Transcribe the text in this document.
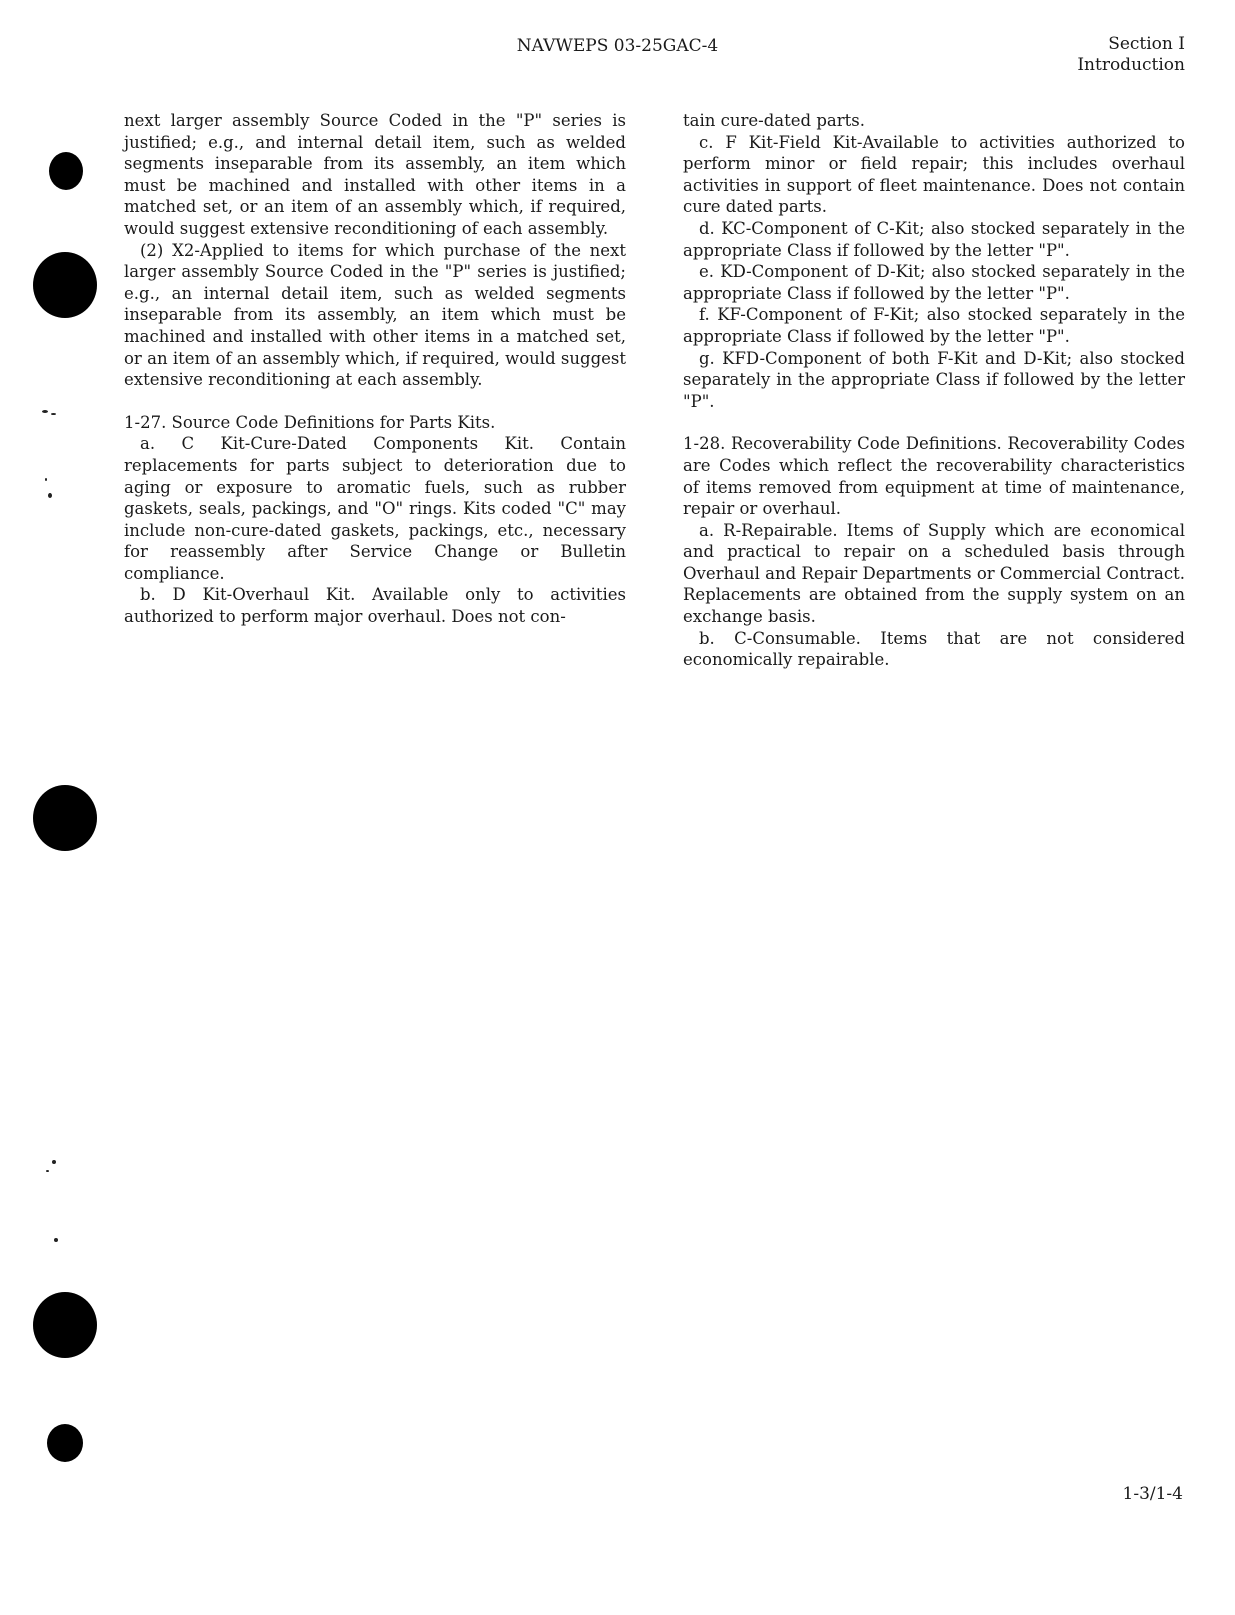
NAVWEPS 03-25GAC-4	Section I
Introduction

next larger assembly Source Coded in the "P" series is justified; e.g., and internal detail item, such as welded segments inseparable from its assembly, an item which must be machined and installed with other items in a matched set, or an item of an assembly which, if required, would suggest extensive reconditioning of each assembly.

(2) X2-Applied to items for which purchase of the next larger assembly Source Coded in the "P" series is justified; e.g., an internal detail item, such as welded segments inseparable from its assembly, an item which must be machined and installed with other items in a matched set, or an item of an assembly which, if required, would suggest extensive reconditioning at each assembly.

1-27. Source Code Definitions for Parts Kits.

a. C Kit-Cure-Dated Components Kit. Contain replacements for parts subject to deterioration due to aging or exposure to aromatic fuels, such as rubber gaskets, seals, packings, and "O" rings. Kits coded "C" may include non-cure-dated gaskets, packings, etc., necessary for reassembly after Service Change or Bulletin compliance.

b. D Kit-Overhaul Kit. Available only to activities authorized to perform major overhaul. Does not con-

tain cure-dated parts.

c. F Kit-Field Kit-Available to activities authorized to perform minor or field repair; this includes overhaul activities in support of fleet maintenance. Does not contain cure dated parts.

d. KC-Component of C-Kit; also stocked separately in the appropriate Class if followed by the letter "P".

e. KD-Component of D-Kit; also stocked separately in the appropriate Class if followed by the letter "P".

f. KF-Component of F-Kit; also stocked separately in the appropriate Class if followed by the letter "P".

g. KFD-Component of both F-Kit and D-Kit; also stocked separately in the appropriate Class if followed by the letter "P".

1-28. Recoverability Code Definitions. Recoverability Codes are Codes which reflect the recoverability characteristics of items removed from equipment at time of maintenance, repair or overhaul.

a. R-Repairable. Items of Supply which are economical and practical to repair on a scheduled basis through Overhaul and Repair Departments or Commercial Contract. Replacements are obtained from the supply system on an exchange basis.

b. C-Consumable. Items that are not considered economically repairable.

1-3/1-4
